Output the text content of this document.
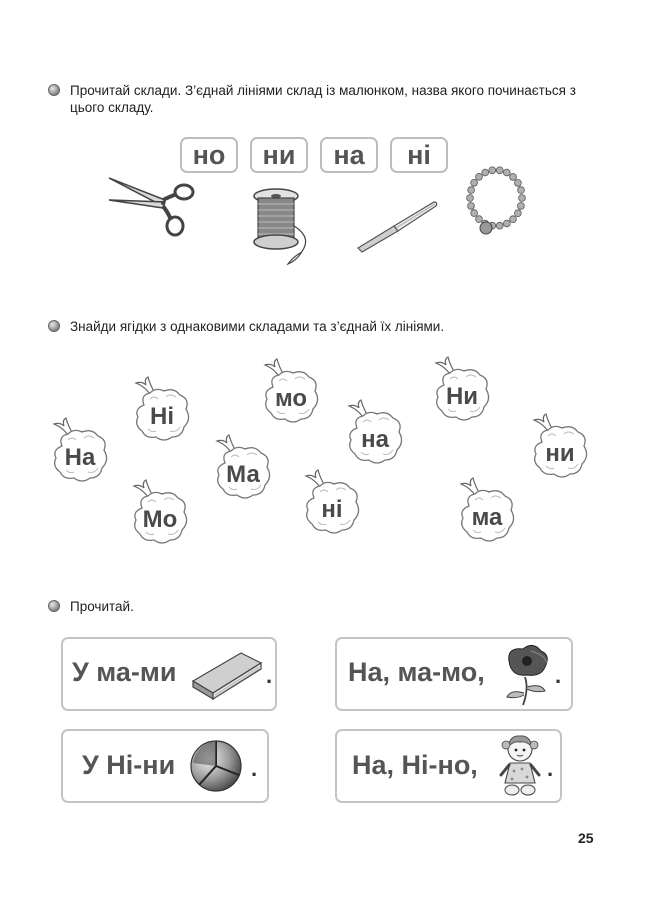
Прочитай склади. З’єднай лініями склад із малюнком, назва якого починається з цього складу.
но	ни	на	ні
Знайди ягідки з однаковими складами та з’єднай їх лініями.
Ні
мо	Ни
На
Ма
на
ни
Мо	ні	ма
Прочитай.
У ма-ми	.	На, ма-мо,	.
У Ні-ни	.	На, Ні-но,	.
25
